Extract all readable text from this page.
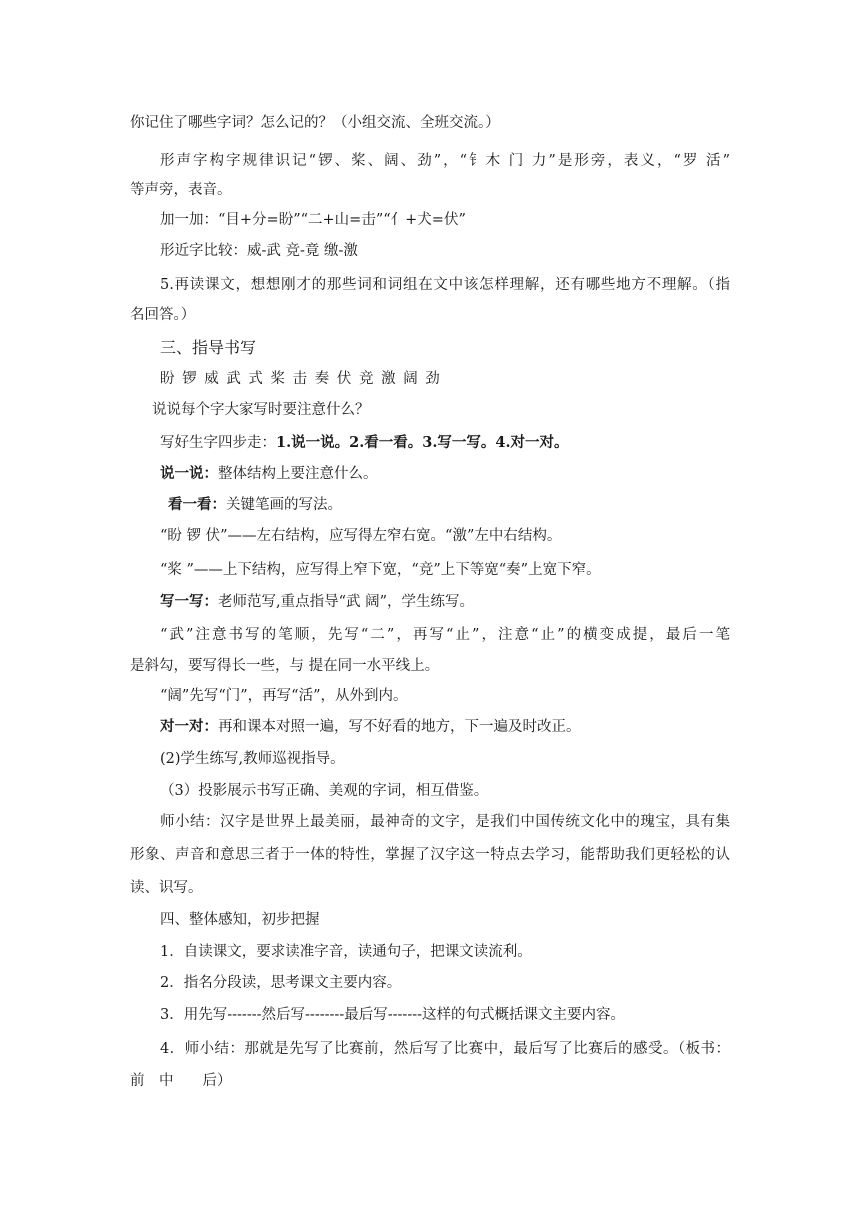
你记住了哪些字词？怎么记的？（小组交流、全班交流。）
形声字构字规律识记“锣、桨、阔、劲”，“钅木 门 力”是形旁，表义，“罗 活”
等声旁，表音。
加一加：“目+分=盼”“二+山=击”“亻+犬=伏”
形近字比较：威-武 竞-竟 缴-激
5.再读课文，想想刚才的那些词和词组在文中该怎样理解，还有哪些地方不理解。（指
名回答。）
三、指导书写
盼 锣 威 武 式 桨 击 奏 伏 竞 激 阔 劲
说说每个字大家写时要注意什么？
写好生字四步走：1.说一说。2.看一看。3.写一写。4.对一对。
说一说：整体结构上要注意什么。
看一看：关键笔画的写法。
“盼 锣 伏”——左右结构，应写得左窄右宽。“激”左中右结构。
“桨 ”——上下结构，应写得上窄下宽，“竞”上下等宽“奏”上宽下窄。
写一写：老师范写,重点指导“武 阔”，学生练写。
“武”注意书写的笔顺，先写“二”，再写“止”，注意“止”的横变成提，最后一笔
是斜勾，要写得长一些，与 提在同一水平线上。
“阔”先写“门”，再写“活”，从外到内。
对一对：再和课本对照一遍，写不好看的地方，下一遍及时改正。
(2)学生练写,教师巡视指导。
（3）投影展示书写正确、美观的字词，相互借鉴。
师小结：汉字是世界上最美丽，最神奇的文字，是我们中国传统文化中的瑰宝，具有集
形象、声音和意思三者于一体的特性，掌握了汉字这一特点去学习，能帮助我们更轻松的认
读、识写。
四、整体感知，初步把握
1．自读课文，要求读准字音，读通句子，把课文读流利。
2．指名分段读，思考课文主要内容。
3．用先写-------然后写--------最后写-------这样的句式概括课文主要内容。
4．师小结：那就是先写了比赛前，然后写了比赛中，最后写了比赛后的感受。（板书：
前　中　　后）
